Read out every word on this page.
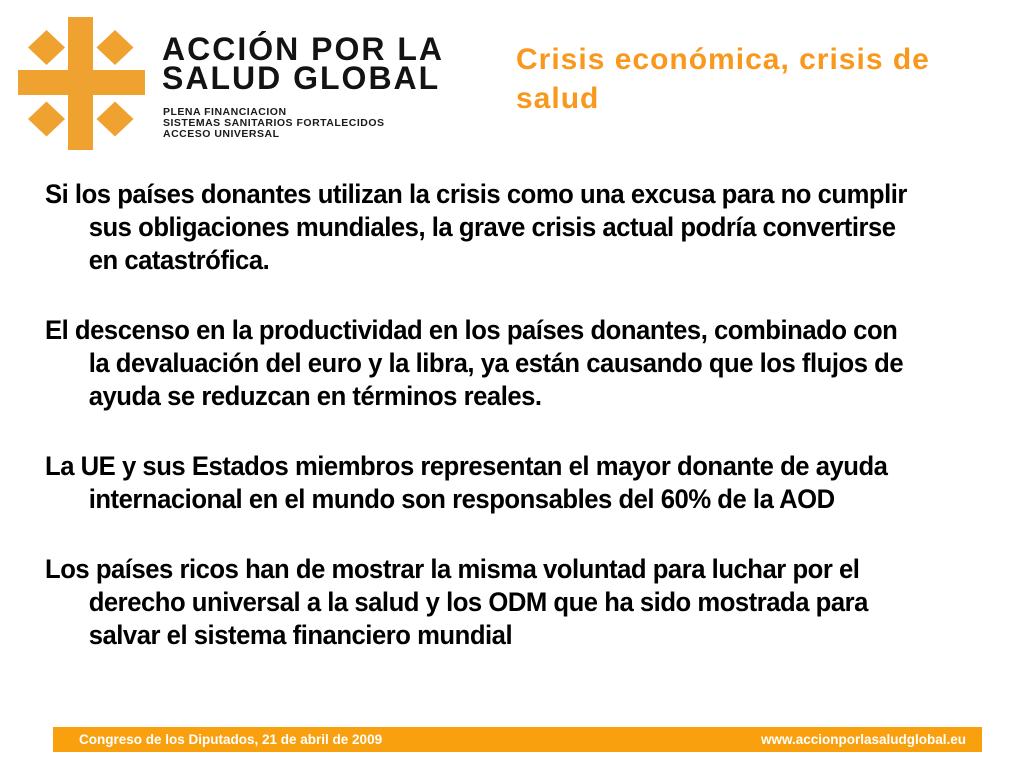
ACCIÓN POR LA
SALUD GLOBAL
PLENA FINANCIACION
SISTEMAS SANITARIOS FORTALECIDOS
ACCESO UNIVERSAL
Crisis económica, crisis de
salud
Si los países donantes utilizan la crisis como una excusa para no cumplir
sus obligaciones mundiales, la grave crisis actual podría convertirse
en catastrófica.
El descenso en la productividad en los países donantes, combinado con
la devaluación del euro y la libra, ya están causando que los flujos de
ayuda se reduzcan en términos reales.
La UE y sus Estados miembros representan el mayor donante de ayuda
internacional en el mundo son responsables del 60% de la AOD
Los países ricos han de mostrar la misma voluntad para luchar por el
derecho universal a la salud y los ODM que ha sido mostrada para
salvar el sistema financiero mundial
Congreso de los Diputados, 21 de abril de 2009	www.accionporlasaludglobal.eu
